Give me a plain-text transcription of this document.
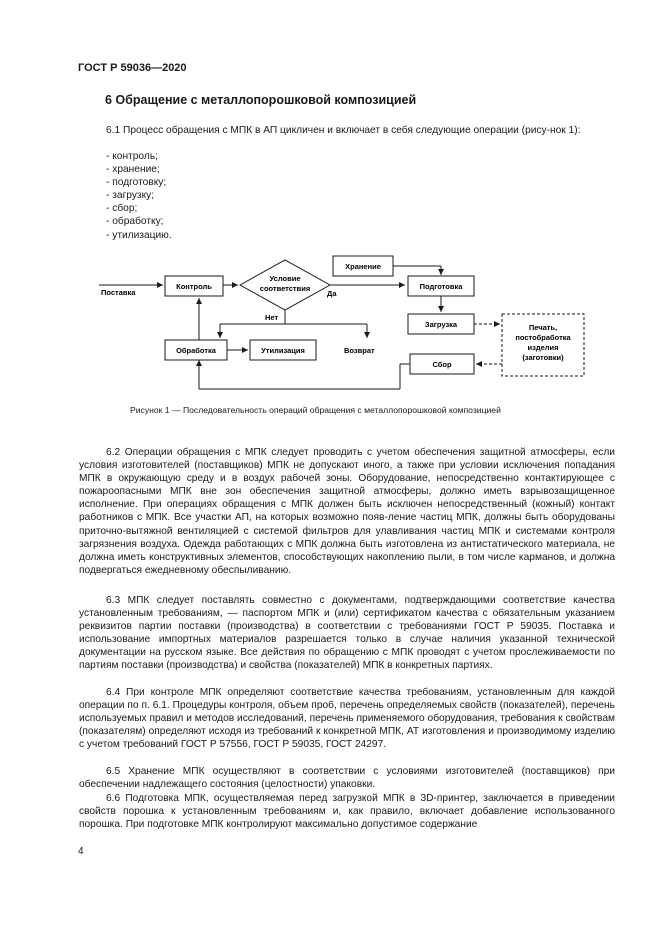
ГОСТ Р 59036—2020
6 Обращение с металлопорошковой композицией
6.1 Процесс обращения с МПК в АП цикличен и включает в себя следующие операции (рису-нок 1):
- контроль;
- хранение;
- подготовку;
- загрузку;
- сбор;
- обработку;
- утилизацию.
Поставка
Контроль
Условие
соответствия
Да
Нет
Хранение
Подготовка
Загрузка	Печать,
постобработка
изделия
(заготовки)
Обработка	Утилизация	Возврат
Сбор
Рисунок 1 — Последовательность операций обращения с металлопорошковой композицией
6.2 Операции обращения с МПК следует проводить с учетом обеспечения защитной атмосферы, если условия изготовителей (поставщиков) МПК не допускают иного, а также при условии исключения попадания МПК в окружающую среду и в воздух рабочей зоны. Оборудование, непосредственно контактирующее с пожароопасными МПК вне зон обеспечения защитной атмосферы, должно иметь взрывозащищенное исполнение. При операциях обращения с МПК должен быть исключен непосредственный (кожный) контакт работников с МПК. Все участки АП, на которых возможно появ-ление частиц МПК, должны быть оборудованы приточно-вытяжной вентиляцией с системой фильтров для улавливания частиц МПК и системами контроля загрязнения воздуха. Одежда работающих с МПК должна быть изготовлена из антистатического материала, не должна иметь конструктивных элементов, способствующих накоплению пыли, в том числе карманов, и должна подвергаться ежедневному обеспыливанию.
6.3 МПК следует поставлять совместно с документами, подтверждающими соответствие качества установленным требованиям, — паспортом МПК и (или) сертификатом качества с обязательным указанием реквизитов партии поставки (производства) в соответствии с требованиями ГОСТ Р 59035. Поставка и использование импортных материалов разрешается только в случае наличия указанной технической документации на русском языке. Все действия по обращению с МПК проводят с учетом прослеживаемости по партиям поставки (производства) и свойства (показателей) МПК в конкретных партиях.
6.4 При контроле МПК определяют соответствие качества требованиям, установленным для каждой операции по п. 6.1. Процедуры контроля, объем проб, перечень определяемых свойств (показателей), перечень используемых правил и методов исследований, перечень применяемого оборудования, требования к свойствам (показателям) определяют исходя из требований к конкретной МПК, АТ изготовления и производимому изделию с учетом требований ГОСТ Р 57556, ГОСТ Р 59035, ГОСТ 24297.
6.5 Хранение МПК осуществляют в соответствии с условиями изготовителей (поставщиков) при обеспечении надлежащего состояния (целостности) упаковки.
6.6 Подготовка МПК, осуществляемая перед загрузкой МПК в 3D-принтер, заключается в приведении свойств порошка к установленным требованиям и, как правило, включает добавление использованного порошка. При подготовке МПК контролируют максимально допустимое содержание
4
